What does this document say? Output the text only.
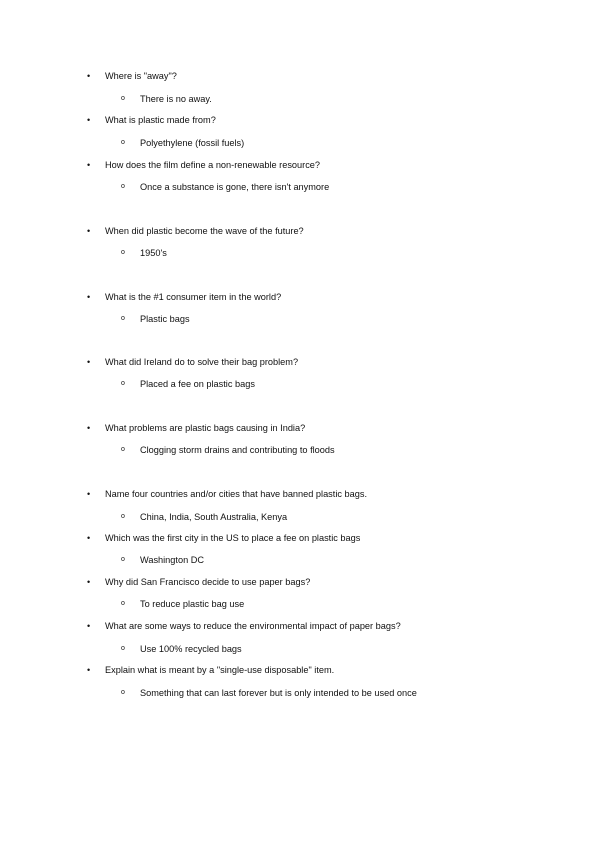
• Where is "away"?
o There is no away.
• What is plastic made from?
o Polyethylene (fossil fuels)
• How does the film define a non-renewable resource?
o Once a substance is gone, there isn't anymore
• When did plastic become the wave of the future?
o 1950's
• What is the #1 consumer item in the world?
o Plastic bags
• What did Ireland do to solve their bag problem?
o Placed a fee on plastic bags
• What problems are plastic bags causing in India?
o Clogging storm drains and contributing to floods
• Name four countries and/or cities that have banned plastic bags.
o China, India, South Australia, Kenya
• Which was the first city in the US to place a fee on plastic bags
o Washington DC
• Why did San Francisco decide to use paper bags?
o To reduce plastic bag use
• What are some ways to reduce the environmental impact of paper bags?
o Use 100% recycled bags
• Explain what is meant by a "single-use disposable" item.
o Something that can last forever but is only intended to be used once
